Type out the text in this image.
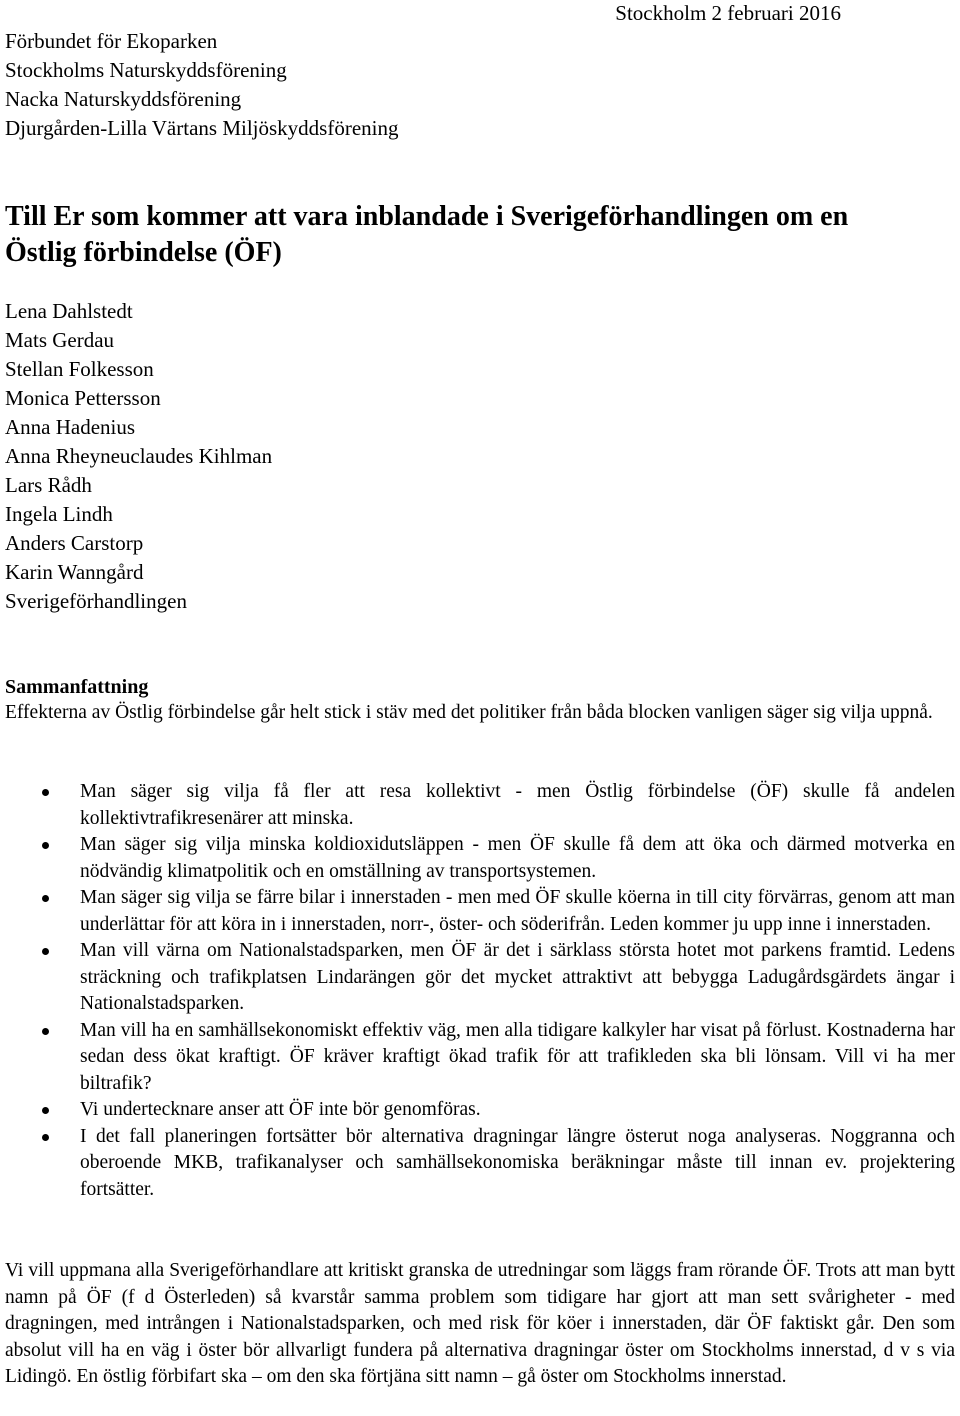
Stockholm 2 februari 2016
Förbundet för Ekoparken
Stockholms Naturskyddsförening
Nacka Naturskyddsförening
Djurgården-Lilla Värtans Miljöskyddsförening
Till Er som kommer att vara inblandade i Sverigeförhandlingen om en Östlig förbindelse (ÖF)
Lena Dahlstedt
Mats Gerdau
Stellan Folkesson
Monica Pettersson
Anna Hadenius
Anna Rheyneuclaudes Kihlman
Lars Rådh
Ingela Lindh
Anders Carstorp
Karin Wanngård
Sverigeförhandlingen
Sammanfattning
Effekterna av Östlig förbindelse går helt stick i stäv med det politiker från båda blocken vanligen säger sig vilja uppnå.
Man säger sig vilja få fler att resa kollektivt - men Östlig förbindelse (ÖF) skulle få andelen kollektivtrafikresenärer att minska.
Man säger sig vilja minska koldioxidutsläppen - men ÖF skulle få dem att öka och därmed motverka en nödvändig klimatpolitik och en omställning av transportsystemen.
Man säger sig vilja se färre bilar i innerstaden - men med ÖF skulle köerna in till city förvärras, genom att man underlättar för att köra in i innerstaden, norr-, öster- och söderifrån. Leden kommer ju upp inne i innerstaden.
Man vill värna om Nationalstadsparken, men ÖF är det i särklass största hotet mot parkens framtid. Ledens sträckning och trafikplatsen Lindarängen gör det mycket attraktivt att bebygga Ladugårdsgärdets ängar i Nationalstadsparken.
Man vill ha en samhällsekonomiskt effektiv väg, men alla tidigare kalkyler har visat på förlust. Kostnaderna har sedan dess ökat kraftigt. ÖF kräver kraftigt ökad trafik för att trafikleden ska bli lönsam. Vill vi ha mer biltrafik?
Vi undertecknare anser att ÖF inte bör genomföras.
I det fall planeringen fortsätter bör alternativa dragningar längre österut noga analyseras. Noggranna och oberoende MKB, trafikanalyser och samhällsekonomiska beräkningar måste till innan ev. projektering fortsätter.
Vi vill uppmana alla Sverigeförhandlare att kritiskt granska de utredningar som läggs fram rörande ÖF. Trots att man bytt namn på ÖF (f d Österleden) så kvarstår samma problem som tidigare har gjort att man sett svårigheter - med dragningen, med intrången i Nationalstadsparken, och med risk för köer i innerstaden, där ÖF faktiskt går. Den som absolut vill ha en väg i öster bör allvarligt fundera på alternativa dragningar öster om Stockholms innerstad, d v s via Lidingö. En östlig förbifart ska – om den ska förtjäna sitt namn – gå öster om Stockholms innerstad.
